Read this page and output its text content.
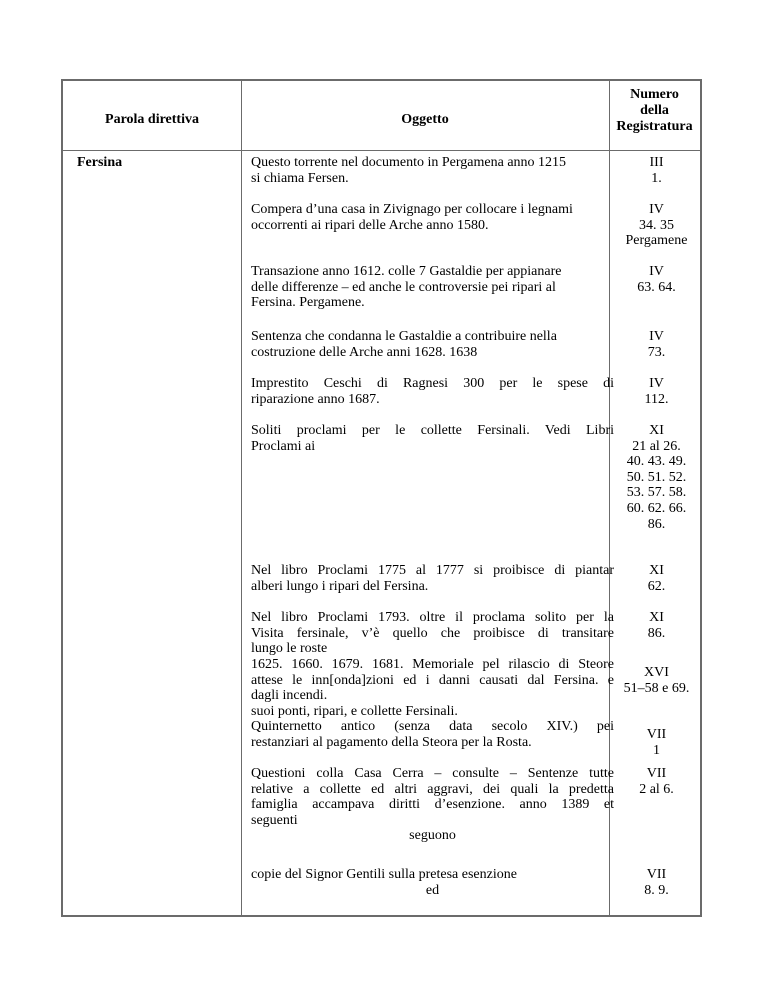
Parola direttiva	Oggetto
Numero
della
Registratura
Fersina	Questo torrente nel documento in Pergamena anno 1215
si chiama Fersen.
III
1.
Compera d’una casa in Zivignago per collocare i legnami
occorrenti ai ripari delle Arche anno 1580.
IV
34. 35
Pergamene
Transazione anno 1612. colle 7 Gastaldie per appianare
delle differenze – ed anche le controversie pei ripari al
Fersina. Pergamene.
IV
63. 64.
Sentenza che condanna le Gastaldie a contribuire nella
costruzione delle Arche anni 1628. 1638
IV
73.
Imprestito Ceschi di Ragnesi 300 per le spese di
riparazione anno 1687.
IV
112.
Soliti proclami per le collette Fersinali. Vedi Libri
Proclami ai
XI
21 al 26.
40. 43. 49.
50. 51. 52.
53. 57. 58.
60. 62. 66.
86.
Nel libro Proclami 1775 al 1777 si proibisce di piantar
alberi lungo i ripari del Fersina.
XI
62.
Nel libro Proclami 1793. oltre il proclama solito per la
Visita fersinale, v’è quello che proibisce di transitare
lungo le roste
XI
86.
1625. 1660. 1679. 1681. Memoriale pel rilascio di Steore
attese le inn[onda]zioni ed i danni causati dal Fersina. e
dagli incendi.
suoi ponti, ripari, e collette Fersinali.
XVI
51–58 e 69.
Quinternetto antico (senza data secolo XIV.) pei
restanziari al pagamento della Steora per la Rosta.
VII
1
Questioni colla Casa Cerra – consulte – Sentenze tutte
relative a collette ed altri aggravi, dei quali la predetta
famiglia accampava diritti d’esenzione. anno 1389 et
seguenti
seguono
VII
2 al 6.
copie del Signor Gentili sulla pretesa esenzione
ed
VII
8. 9.
